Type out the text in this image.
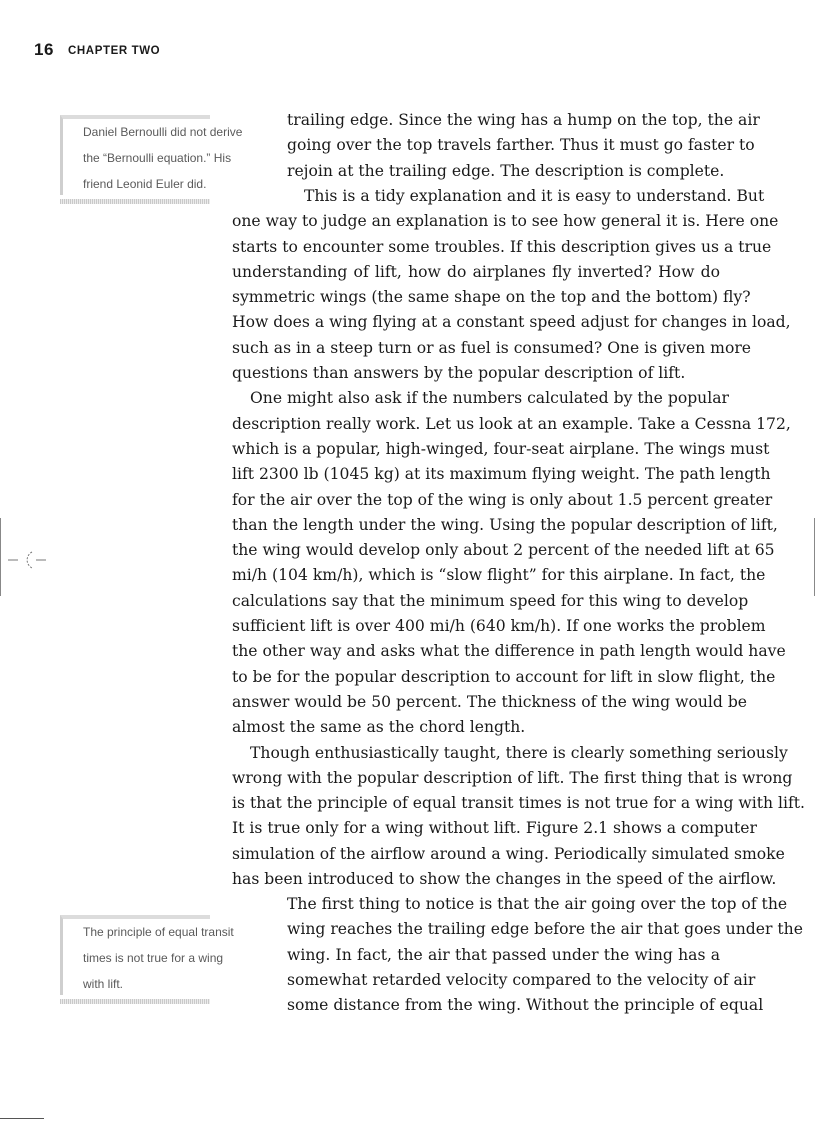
16 CHAPTER TWO
Daniel Bernoulli did not derive
the “Bernoulli equation.” His
friend Leonid Euler did.
The principle of equal transit
times is not true for a wing
with lift.
trailing edge. Since the wing has a hump on the top, the air
going over the top travels farther. Thus it must go faster to
rejoin at the trailing edge. The description is complete.
This is a tidy explanation and it is easy to understand. But
one way to judge an explanation is to see how general it is. Here one
starts to encounter some troubles. If this description gives us a true
understanding of lift, how do airplanes fly inverted? How do
symmetric wings (the same shape on the top and the bottom) fly?
How does a wing flying at a constant speed adjust for changes in load,
such as in a steep turn or as fuel is consumed? One is given more
questions than answers by the popular description of lift.
One might also ask if the numbers calculated by the popular
description really work. Let us look at an example. Take a Cessna 172,
which is a popular, high-winged, four-seat airplane. The wings must
lift 2300 lb (1045 kg) at its maximum flying weight. The path length
for the air over the top of the wing is only about 1.5 percent greater
than the length under the wing. Using the popular description of lift,
the wing would develop only about 2 percent of the needed lift at 65
mi/h (104 km/h), which is “slow flight” for this airplane. In fact, the
calculations say that the minimum speed for this wing to develop
sufficient lift is over 400 mi/h (640 km/h). If one works the problem
the other way and asks what the difference in path length would have
to be for the popular description to account for lift in slow flight, the
answer would be 50 percent. The thickness of the wing would be
almost the same as the chord length.
Though enthusiastically taught, there is clearly something seriously
wrong with the popular description of lift. The first thing that is wrong
is that the principle of equal transit times is not true for a wing with lift.
It is true only for a wing without lift. Figure 2.1 shows a computer
simulation of the airflow around a wing. Periodically simulated smoke
has been introduced to show the changes in the speed of the airflow.
The first thing to notice is that the air going over the top of the
wing reaches the trailing edge before the air that goes under the
wing. In fact, the air that passed under the wing has a
somewhat retarded velocity compared to the velocity of air
some distance from the wing. Without the principle of equal
